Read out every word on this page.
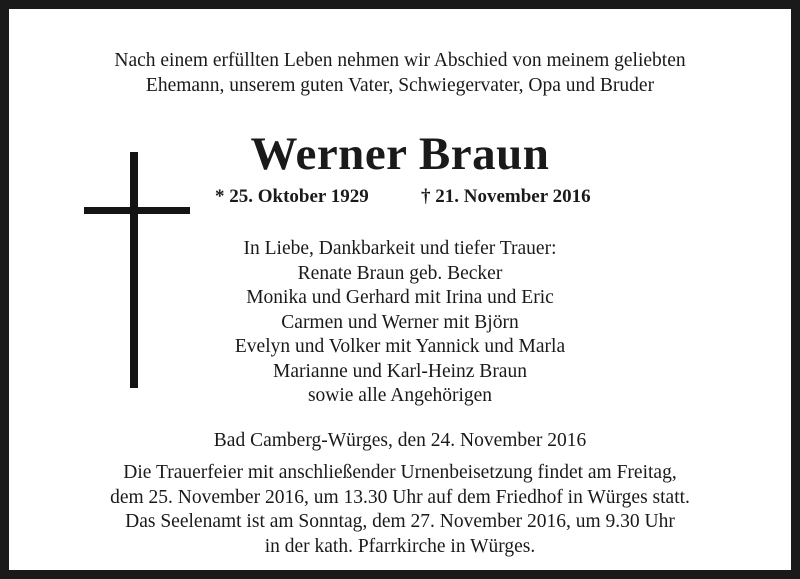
Nach einem erfüllten Leben nehmen wir Abschied von meinem geliebten
Ehemann, unserem guten Vater, Schwiegervater, Opa und Bruder
Werner Braun
* 25. Oktober 1929	† 21. November 2016
In Liebe, Dankbarkeit und tiefer Trauer:
Renate Braun geb. Becker
Monika und Gerhard mit Irina und Eric
Carmen und Werner mit Björn
Evelyn und Volker mit Yannick und Marla
Marianne und Karl-Heinz Braun
sowie alle Angehörigen
Bad Camberg-Würges, den 24. November 2016
Die Trauerfeier mit anschließender Urnenbeisetzung findet am Freitag,
dem 25. November 2016, um 13.30 Uhr auf dem Friedhof in Würges statt.
Das Seelenamt ist am Sonntag, dem 27. November 2016, um 9.30 Uhr
in der kath. Pfarrkirche in Würges.
